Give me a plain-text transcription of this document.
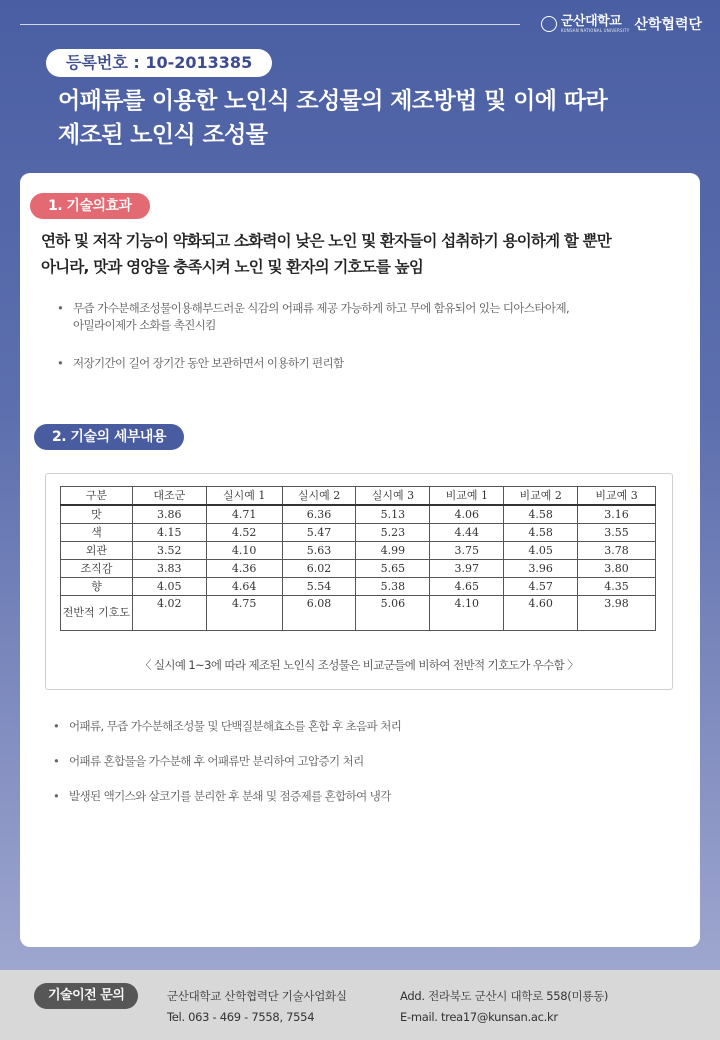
군산대학교
KUNSAN NATIONAL UNIVERSITY 산학협력단
등록번호 : 10-2013385
어패류를 이용한 노인식 조성물의 제조방법 및 이에 따라
제조된 노인식 조성물
1. 기술의효과
연하 및 저작 기능이 약화되고 소화력이 낮은 노인 및 환자들이 섭취하기 용이하게 할 뿐만
아니라, 맛과 영양을 충족시켜 노인 및 환자의 기호도를 높임
• 무즙 가수분해조성물이용해부드러운 식감의 어패류 제공 가능하게 하고 무에 함유되어 있는 디아스타아제,
아밀라이제가 소화를 촉진시킴
• 저장기간이 길어 장기간 동안 보관하면서 이용하기 편리함
2. 기술의 세부내용
구분	대조군	실시예 1	실시예 2	실시예 3	비교예 1	비교예 2	비교예 3
맛	3.86	4.71	6.36	5.13	4.06	4.58	3.16
색	4.15	4.52	5.47	5.23	4.44	4.58	3.55
외관	3.52	4.10	5.63	4.99	3.75	4.05	3.78
조직감	3.83	4.36	6.02	5.65	3.97	3.96	3.80
향	4.05	4.64	5.54	5.38	4.65	4.57	4.35
전반적 기호도	4.02	4.75	6.08	5.06	4.10	4.60	3.98
〈 실시예 1~3에 따라 제조된 노인식 조성물은 비교군들에 비하여 전반적 기호도가 우수함 〉
• 어패류, 무즙 가수분해조성물 및 단백질분해효소를 혼합 후 초음파 처리
• 어패류 혼합물을 가수분해 후 어패류만 분리하여 고압증기 처리
• 발생된 액기스와 살코기를 분리한 후 분쇄 및 점증제를 혼합하여 냉각
기술이전 문의	군산대학교 산학협력단 기술사업화실
Tel. 063 - 469 - 7558, 7554
Add. 전라북도 군산시 대학로 558(미룡동)
E-mail. trea17@kunsan.ac.kr
